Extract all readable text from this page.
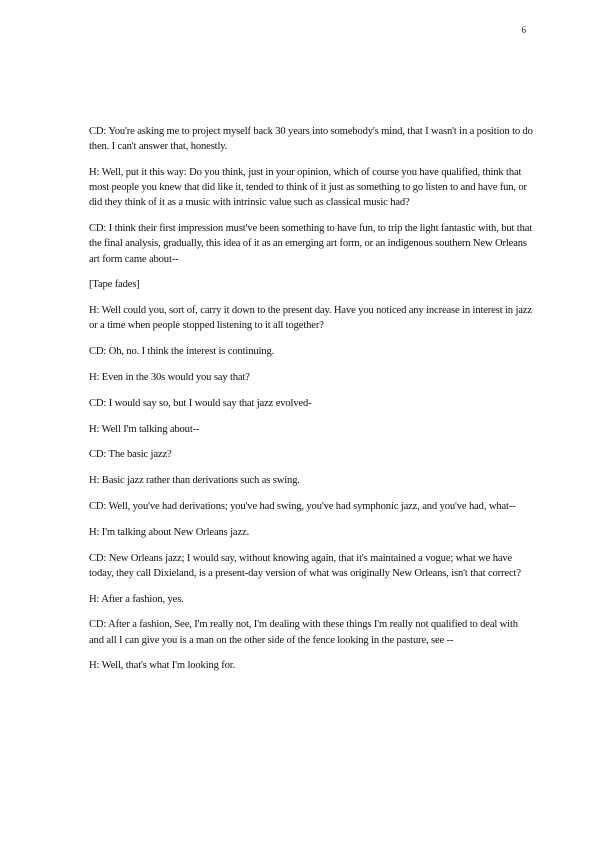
6

CD: You're asking me to project myself back 30 years into somebody's mind, that I wasn't in a position to do then. I can't answer that, honestly.

H: Well, put it this way: Do you think, just in your opinion, which of course you have qualified, think that most people you knew that did like it, tended to think of it just as something to go listen to and have fun, or did they think of it as a music with intrinsic value such as classical music had?

CD: I think their first impression must've been something to have fun, to trip the light fantastic with, but that the final analysis, gradually, this idea of it as an emerging art form, or an indigenous southern New Orleans art form came about--

[Tape fades]

H: Well could you, sort of, carry it down to the present day. Have you noticed any increase in interest in jazz or a time when people stopped listening to it all together?

CD: Oh, no. I think the interest is continuing.

H: Even in the 30s would you say that?

CD: I would say so, but I would say that jazz evolved-

H: Well I'm talking about--

CD: The basic jazz?

H: Basic jazz rather than derivations such as swing.

CD: Well, you've had derivations; you've had swing, you've had symphonic jazz, and you've had, what--

H: I'm talking about New Orleans jazz.

CD: New Orleans jazz; I would say, without knowing again, that it's maintained a vogue; what we have today, they call Dixieland, is a present-day version of what was originally New Orleans, isn't that correct?

H: After a fashion, yes.

CD: After a fashion, See, I'm really not, I'm dealing with these things I'm really not qualified to deal with and all I can give you is a man on the other side of the fence looking in the pasture, see --

H: Well, that's what I'm looking for.
